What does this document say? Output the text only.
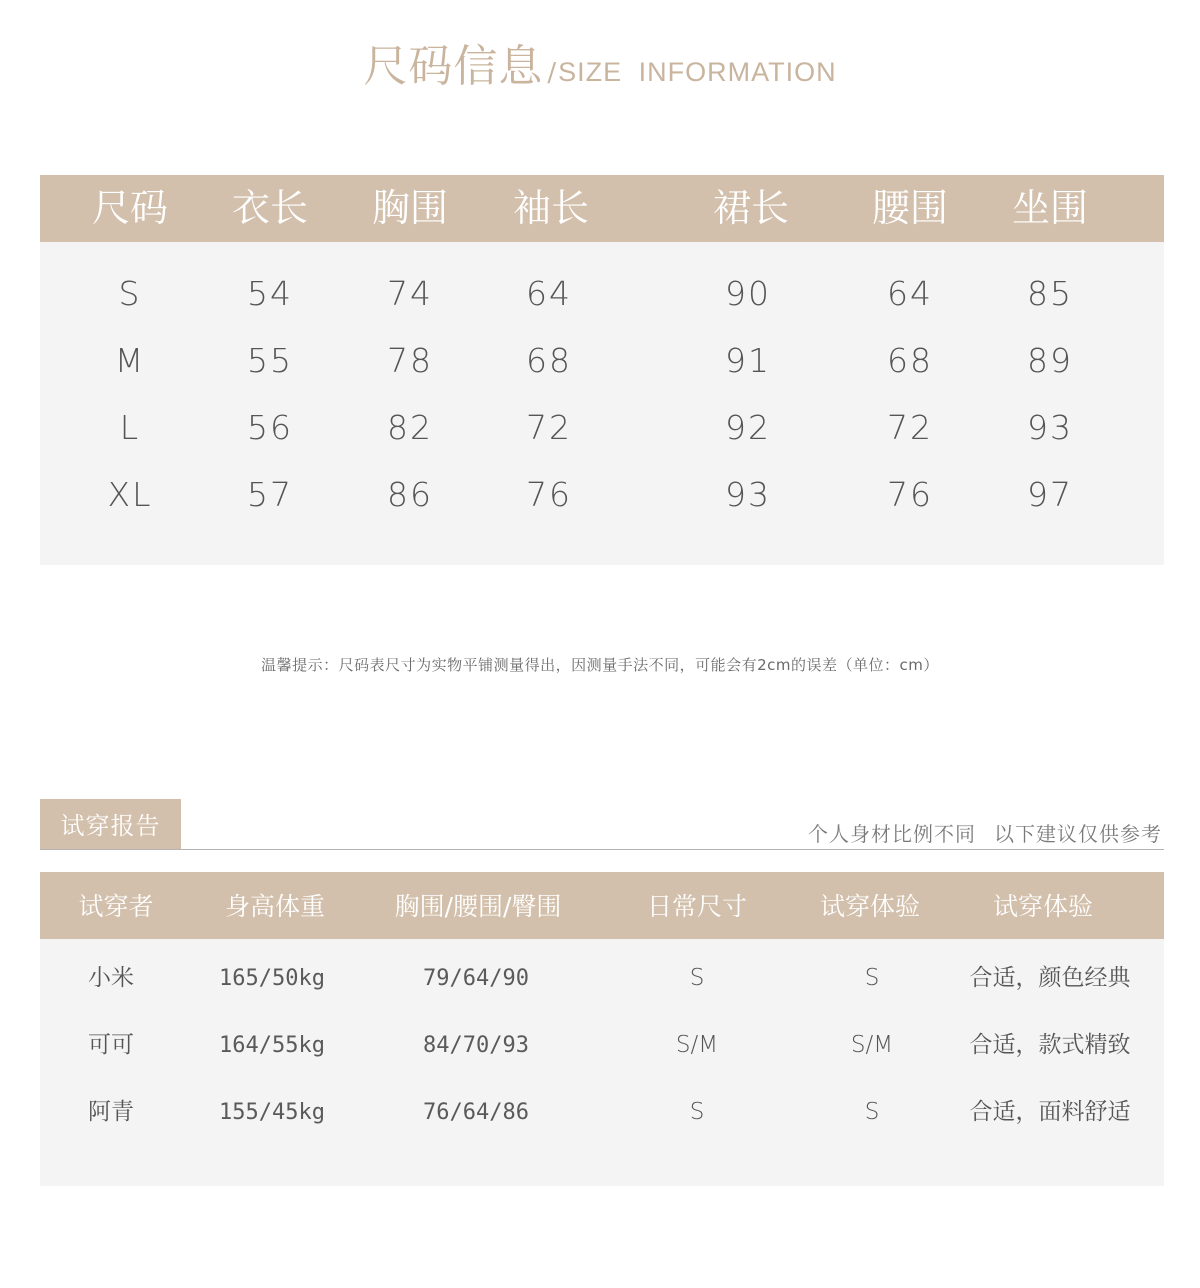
尺码信息 /SIZE INFORMATION
尺码	衣长	胸围	袖长	裙长	腰围	坐围
S	54	74	64	90	64	85
M	55	78	68	91	68	89
L	56	82	72	92	72	93
XL	57	86	76	93	76	97
温馨提示：尺码表尺寸为实物平铺测量得出，因测量手法不同，可能会有2cm的误差（单位：cm）
试穿报告	个人身材比例不同 以下建议仅供参考
试穿者	身高体重	胸围/腰围/臀围	日常尺寸	试穿体验	试穿体验
小米	165/50kg	79/64/90	S	S	合适，颜色经典
可可	164/55kg	84/70/93	S/M	S/M	合适，款式精致
阿青	155/45kg	76/64/86	S	S	合适，面料舒适
